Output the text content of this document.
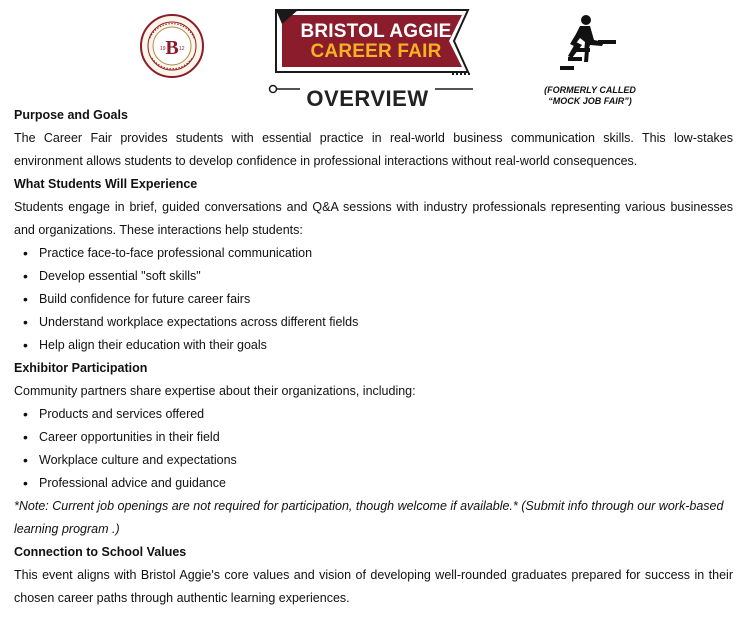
B
19	12
BRISTOL AGGIE
CAREER FAIR
OVERVIEW	(FORMERLY CALLED
“MOCK JOB FAIR”)

Purpose and Goals

The Career Fair provides students with essential practice in real-world business communication skills. This low-stakes environment allows students to develop confidence in professional interactions without real-world consequences.

What Students Will Experience

Students engage in brief, guided conversations and Q&A sessions with industry professionals representing various businesses and organizations. These interactions help students:

• Practice face-to-face professional communication
• Develop essential "soft skills"
• Build confidence for future career fairs
• Understand workplace expectations across different fields
• Help align their education with their goals

Exhibitor Participation

Community partners share expertise about their organizations, including:

• Products and services offered
• Career opportunities in their field
• Workplace culture and expectations
• Professional advice and guidance

*Note: Current job openings are not required for participation, though welcome if available.* (Submit info through our work-based learning program .)

Connection to School Values

This event aligns with Bristol Aggie's core values and vision of developing well-rounded graduates prepared for success in their chosen career paths through authentic learning experiences.
